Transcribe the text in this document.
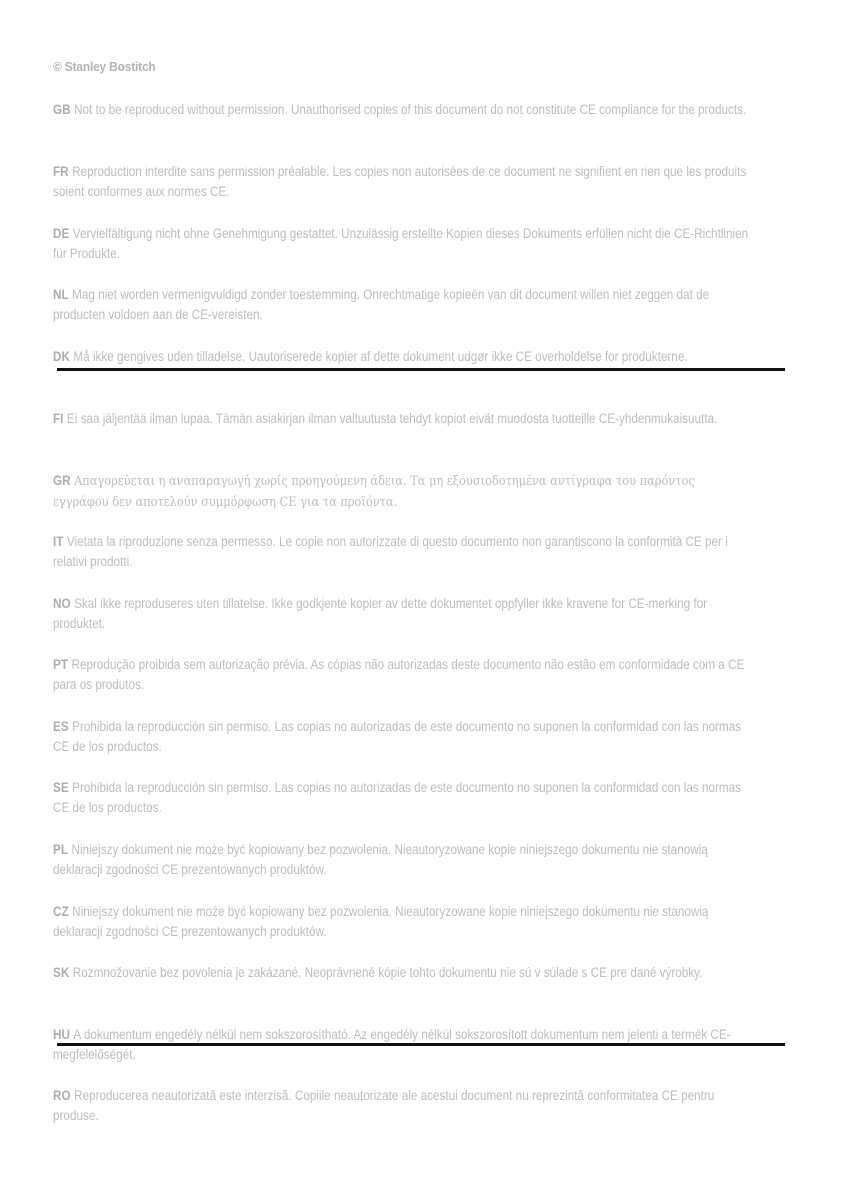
© Stanley Bostitch
GB Not to be reproduced without permission. Unauthorised copies of this document do not constitute CE compliance for the products.
FR Reproduction interdite sans permission préalable. Les copies non autorisées de ce document ne signifient en rien que les produits soient conformes aux normes CE.
DE Vervielfältigung nicht ohne Genehmigung gestattet. Unzulässig erstellte Kopien dieses Dokuments erfüllen nicht die CE-Richtlinien für Produkte.
NL Mag niet worden vermenigvuldigd zonder toestemming. Onrechtmatige kopieën van dit document willen niet zeggen dat de producten voldoen aan de CE-vereisten.
DK Må ikke gengives uden tilladelse. Uautoriserede kopier af dette dokument udgør ikke CE overholdelse for produkterne.
FI Ei saa jäljentää ilman lupaa. Tämän asiakirjan ilman valtuutusta tehdyt kopiot eivät muodosta tuotteille CE-yhdenmukaisuutta.
GR Απαγορεύεται η αναπαραγωγή χωρίς προηγούμενη άδεια. Τα μη εξουσιοδοτημένα αντίγραφα του παρόντος εγγράφου δεν αποτελούν συμμόρφωση CE για τα προϊόντα.
IT Vietata la riproduzione senza permesso. Le copie non autorizzate di questo documento non garantiscono la conformità CE per i relativi prodotti.
NO Skal ikke reproduseres uten tillatelse. Ikke godkjente kopier av dette dokumentet oppfyller ikke kravene for CE-merking for produktet.
PT Reprodução proibida sem autorização prévia. As cópias não autorizadas deste documento não estão em conformidade com a CE para os produtos.
ES Prohibida la reproducción sin permiso. Las copias no autorizadas de este documento no suponen la conformidad con las normas CE de los productos.
SE Prohibida la reproducción sin permiso. Las copias no autorizadas de este documento no suponen la conformidad con las normas CE de los productos.
PL Niniejszy dokument nie może być kopiowany bez pozwolenia. Nieautoryzowane kopie niniejszego dokumentu nie stanowią deklaracji zgodności CE prezentowanych produktów.
CZ Niniejszy dokument nie może być kopiowany bez pozwolenia. Nieautoryzowane kopie niniejszego dokumentu nie stanowią deklaracji zgodności CE prezentowanych produktów.
SK Rozmnožovanie bez povolenia je zakázané. Neoprávnené kópie tohto dokumentu nie sú v súlade s CE pre dané výrobky.
HU A dokumentum engedély nélkül nem sokszorosítható. Az engedély nélkül sokszorosított dokumentum nem jelenti a termék CE-megfelelőségét.
RO Reproducerea neautorizată este interzisă. Copiile neautorizate ale acestui document nu reprezintă conformitatea CE pentru produse.
